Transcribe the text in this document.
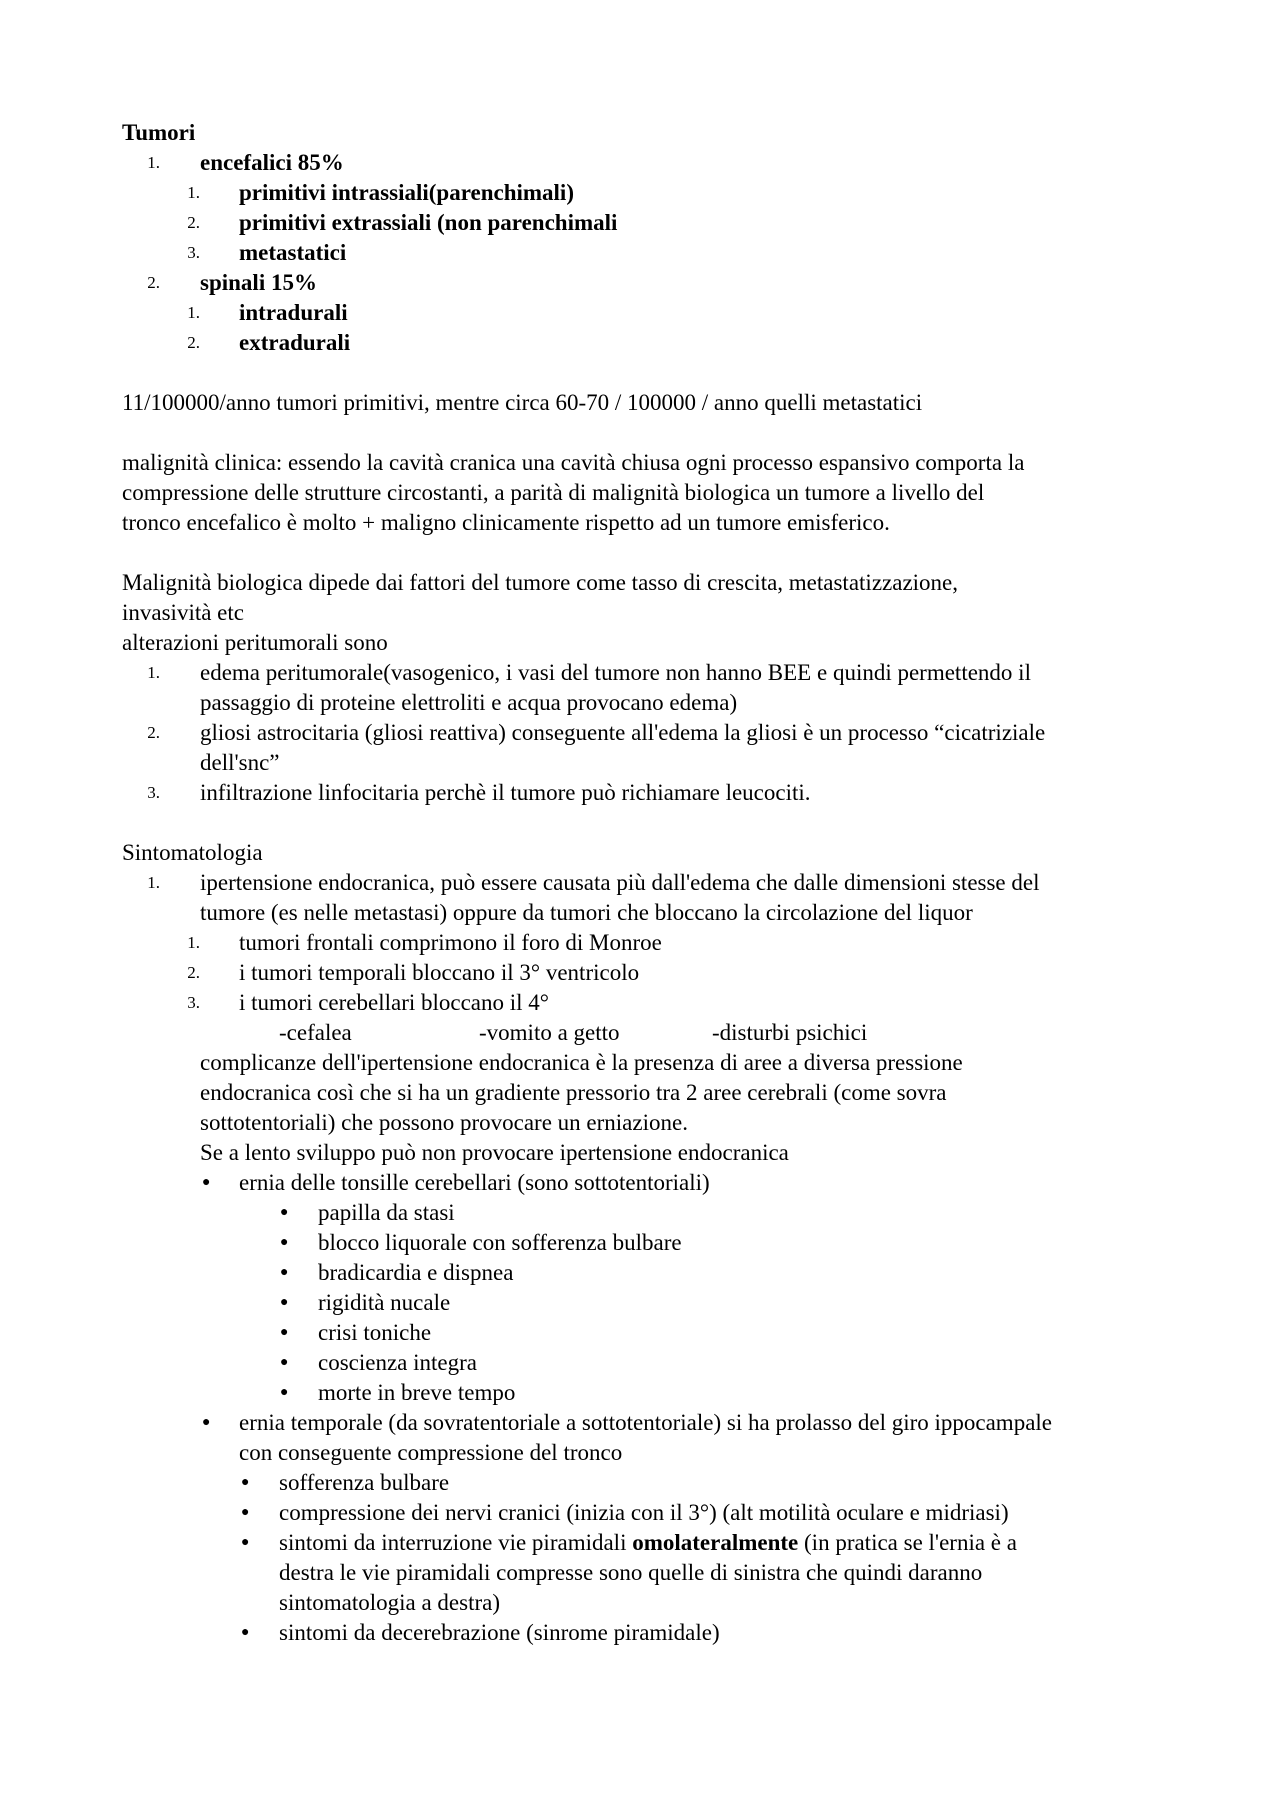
Tumori
1. encefalici 85%
1. primitivi intrassiali(parenchimali)
2. primitivi extrassiali (non parenchimali
3. metastatici
2. spinali 15%
1. intradurali
2. extradurali
11/100000/anno tumori primitivi, mentre circa 60-70 / 100000 / anno quelli metastatici
malignità clinica: essendo la cavità cranica una cavità chiusa ogni processo espansivo comporta la
compressione delle strutture circostanti, a parità di malignità biologica un tumore a livello del
tronco encefalico è molto + maligno clinicamente rispetto ad un tumore emisferico.
Malignità biologica dipede dai fattori del tumore come tasso di crescita, metastatizzazione,
invasività etc
alterazioni peritumorali sono
1. edema peritumorale(vasogenico, i vasi del tumore non hanno BEE e quindi permettendo il
passaggio di proteine elettroliti e acqua provocano edema)
2. gliosi astrocitaria (gliosi reattiva) conseguente all'edema la gliosi è un processo “cicatriziale
dell'snc”
3. infiltrazione linfocitaria perchè il tumore può richiamare leucociti.
Sintomatologia
1. ipertensione endocranica, può essere causata più dall'edema che dalle dimensioni stesse del
tumore (es nelle metastasi) oppure da tumori che bloccano la circolazione del liquor
1. tumori frontali comprimono il foro di Monroe
2. i tumori temporali bloccano il 3° ventricolo
3. i tumori cerebellari bloccano il 4°
-cefalea	-vomito a getto	-disturbi psichici
complicanze dell'ipertensione endocranica è la presenza di aree a diversa pressione
endocranica così che si ha un gradiente pressorio tra 2 aree cerebrali (come sovra
sottotentoriali) che possono provocare un erniazione.
Se a lento sviluppo può non provocare ipertensione endocranica
● ernia delle tonsille cerebellari (sono sottotentoriali)
● papilla da stasi
● blocco liquorale con sofferenza bulbare
● bradicardia e dispnea
● rigidità nucale
● crisi toniche
● coscienza integra
● morte in breve tempo
● ernia temporale (da sovratentoriale a sottotentoriale) si ha prolasso del giro ippocampale
con conseguente compressione del tronco
● sofferenza bulbare
● compressione dei nervi cranici (inizia con il 3°) (alt motilità oculare e midriasi)
● sintomi da interruzione vie piramidali omolateralmente (in pratica se l'ernia è a
destra le vie piramidali compresse sono quelle di sinistra che quindi daranno
sintomatologia a destra)
● sintomi da decerebrazione (sinrome piramidale)
